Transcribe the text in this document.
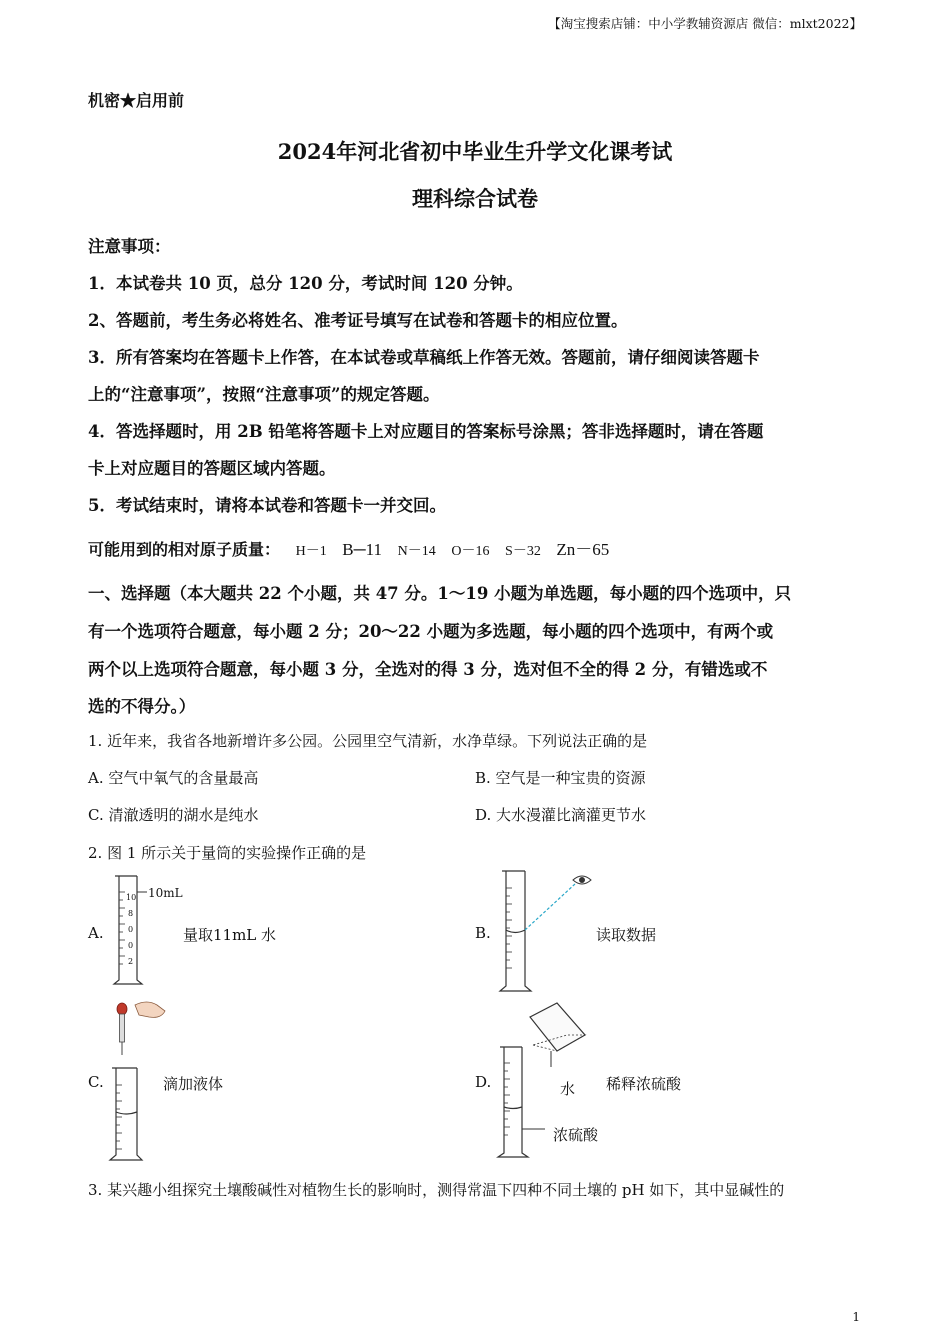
【淘宝搜索店铺：中小学教辅资源店 微信：mlxt2022】
机密★启用前
2024年河北省初中毕业生升学文化课考试
理科综合试卷
注意事项：
1．本试卷共 10 页，总分 120 分，考试时间 120 分钟。
2、答题前，考生务必将姓名、准考证号填写在试卷和答题卡的相应位置。
3．所有答案均在答题卡上作答，在本试卷或草稿纸上作答无效。答题前，请仔细阅读答题卡
上的“注意事项”，按照“注意事项”的规定答题。
4．答选择题时，用 2B 铅笔将答题卡上对应题目的答案标号涂黑；答非选择题时，请在答题
卡上对应题目的答题区域内答题。
5．考试结束时，请将本试卷和答题卡一并交回。
可能用到的相对原子质量： H－1 B─11 N－14 O－16 S－32 Zn－65
一、选择题（本大题共 22 个小题，共 47 分。1～19 小题为单选题，每小题的四个选项中，只
有一个选项符合题意，每小题 2 分；20～22 小题为多选题，每小题的四个选项中，有两个或
两个以上选项符合题意，每小题 3 分，全选对的得 3 分，选对但不全的得 2 分，有错选或不
选的不得分。）
1. 近年来，我省各地新增许多公园。公园里空气清新，水净草绿。下列说法正确的是
A. 空气中氧气的含量最高	B. 空气是一种宝贵的资源
C. 清澈透明的湖水是纯水	D. 大水漫灌比滴灌更节水
2. 图 1 所示关于量筒的实验操作正确的是
A.
10mL
10
8
0
0
2
量取11mL 水	B.	读取数据
C.	滴加液体	D.	水
浓硫酸
稀释浓硫酸
3. 某兴趣小组探究土壤酸碱性对植物生长的影响时，测得常温下四种不同土壤的 pH 如下，其中显碱性的
1
